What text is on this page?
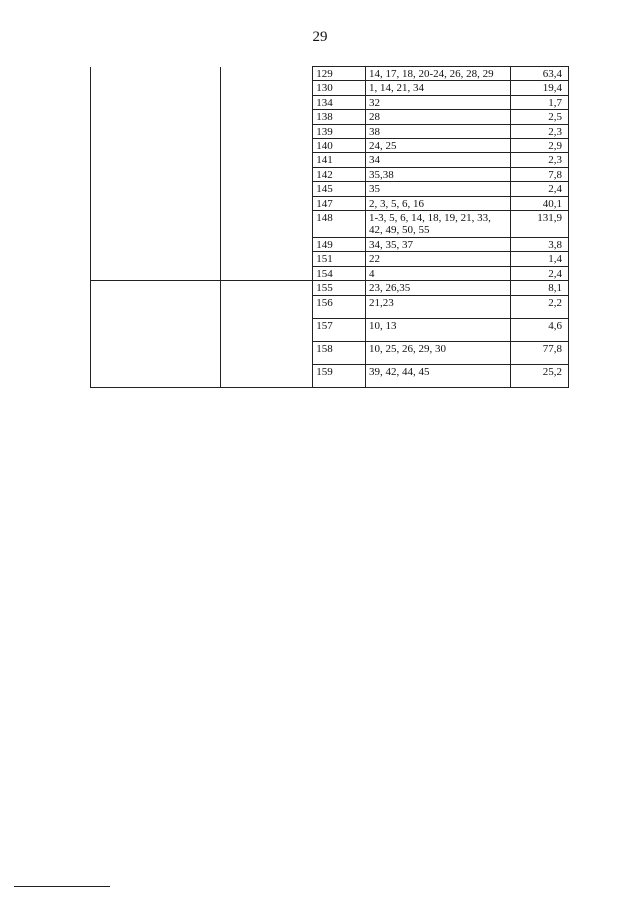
29
		129	14, 17, 18, 20-24, 26, 28, 29	63,4
		130	1, 14, 21, 34	19,4
		134	32	1,7
		138	28	2,5
		139	38	2,3
		140	24, 25	2,9
		141	34	2,3
		142	35,38	7,8
		145	35	2,4
		147	2, 3, 5, 6, 16	40,1
		148	1-3, 5, 6, 14, 18, 19, 21, 33, 42, 49, 50, 55	131,9
		149	34, 35, 37	3,8
		151	22	1,4
		154	4	2,4
		155	23, 26,35	8,1
		156	21,23	2,2
		157	10, 13	4,6
		158	10, 25, 26, 29, 30	77,8
		159	39, 42, 44, 45	25,2
